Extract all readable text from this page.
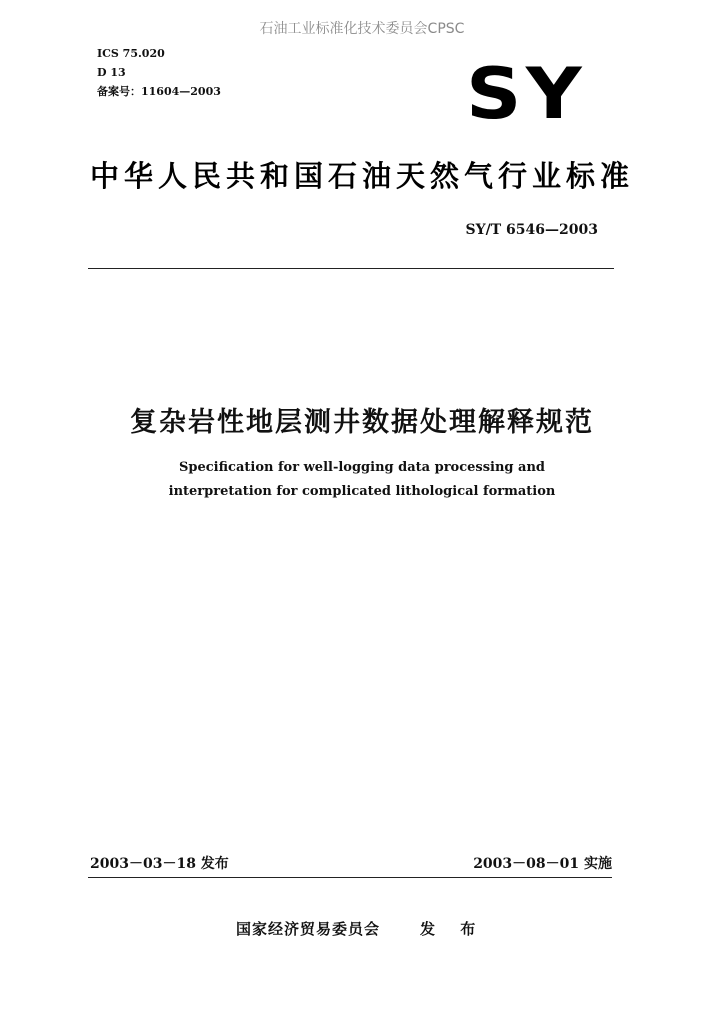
石油工业标准化技术委员会CPSC
ICS 75.020
D 13
备案号：11604—2003	SY
中华人民共和国石油天然气行业标准
SY/T 6546—2003
复杂岩性地层测井数据处理解释规范
Specification for well-logging data processing and
interpretation for complicated lithological formation
2003－03－18 发布	2003－08－01 实施
国家经济贸易委员会	发 布
